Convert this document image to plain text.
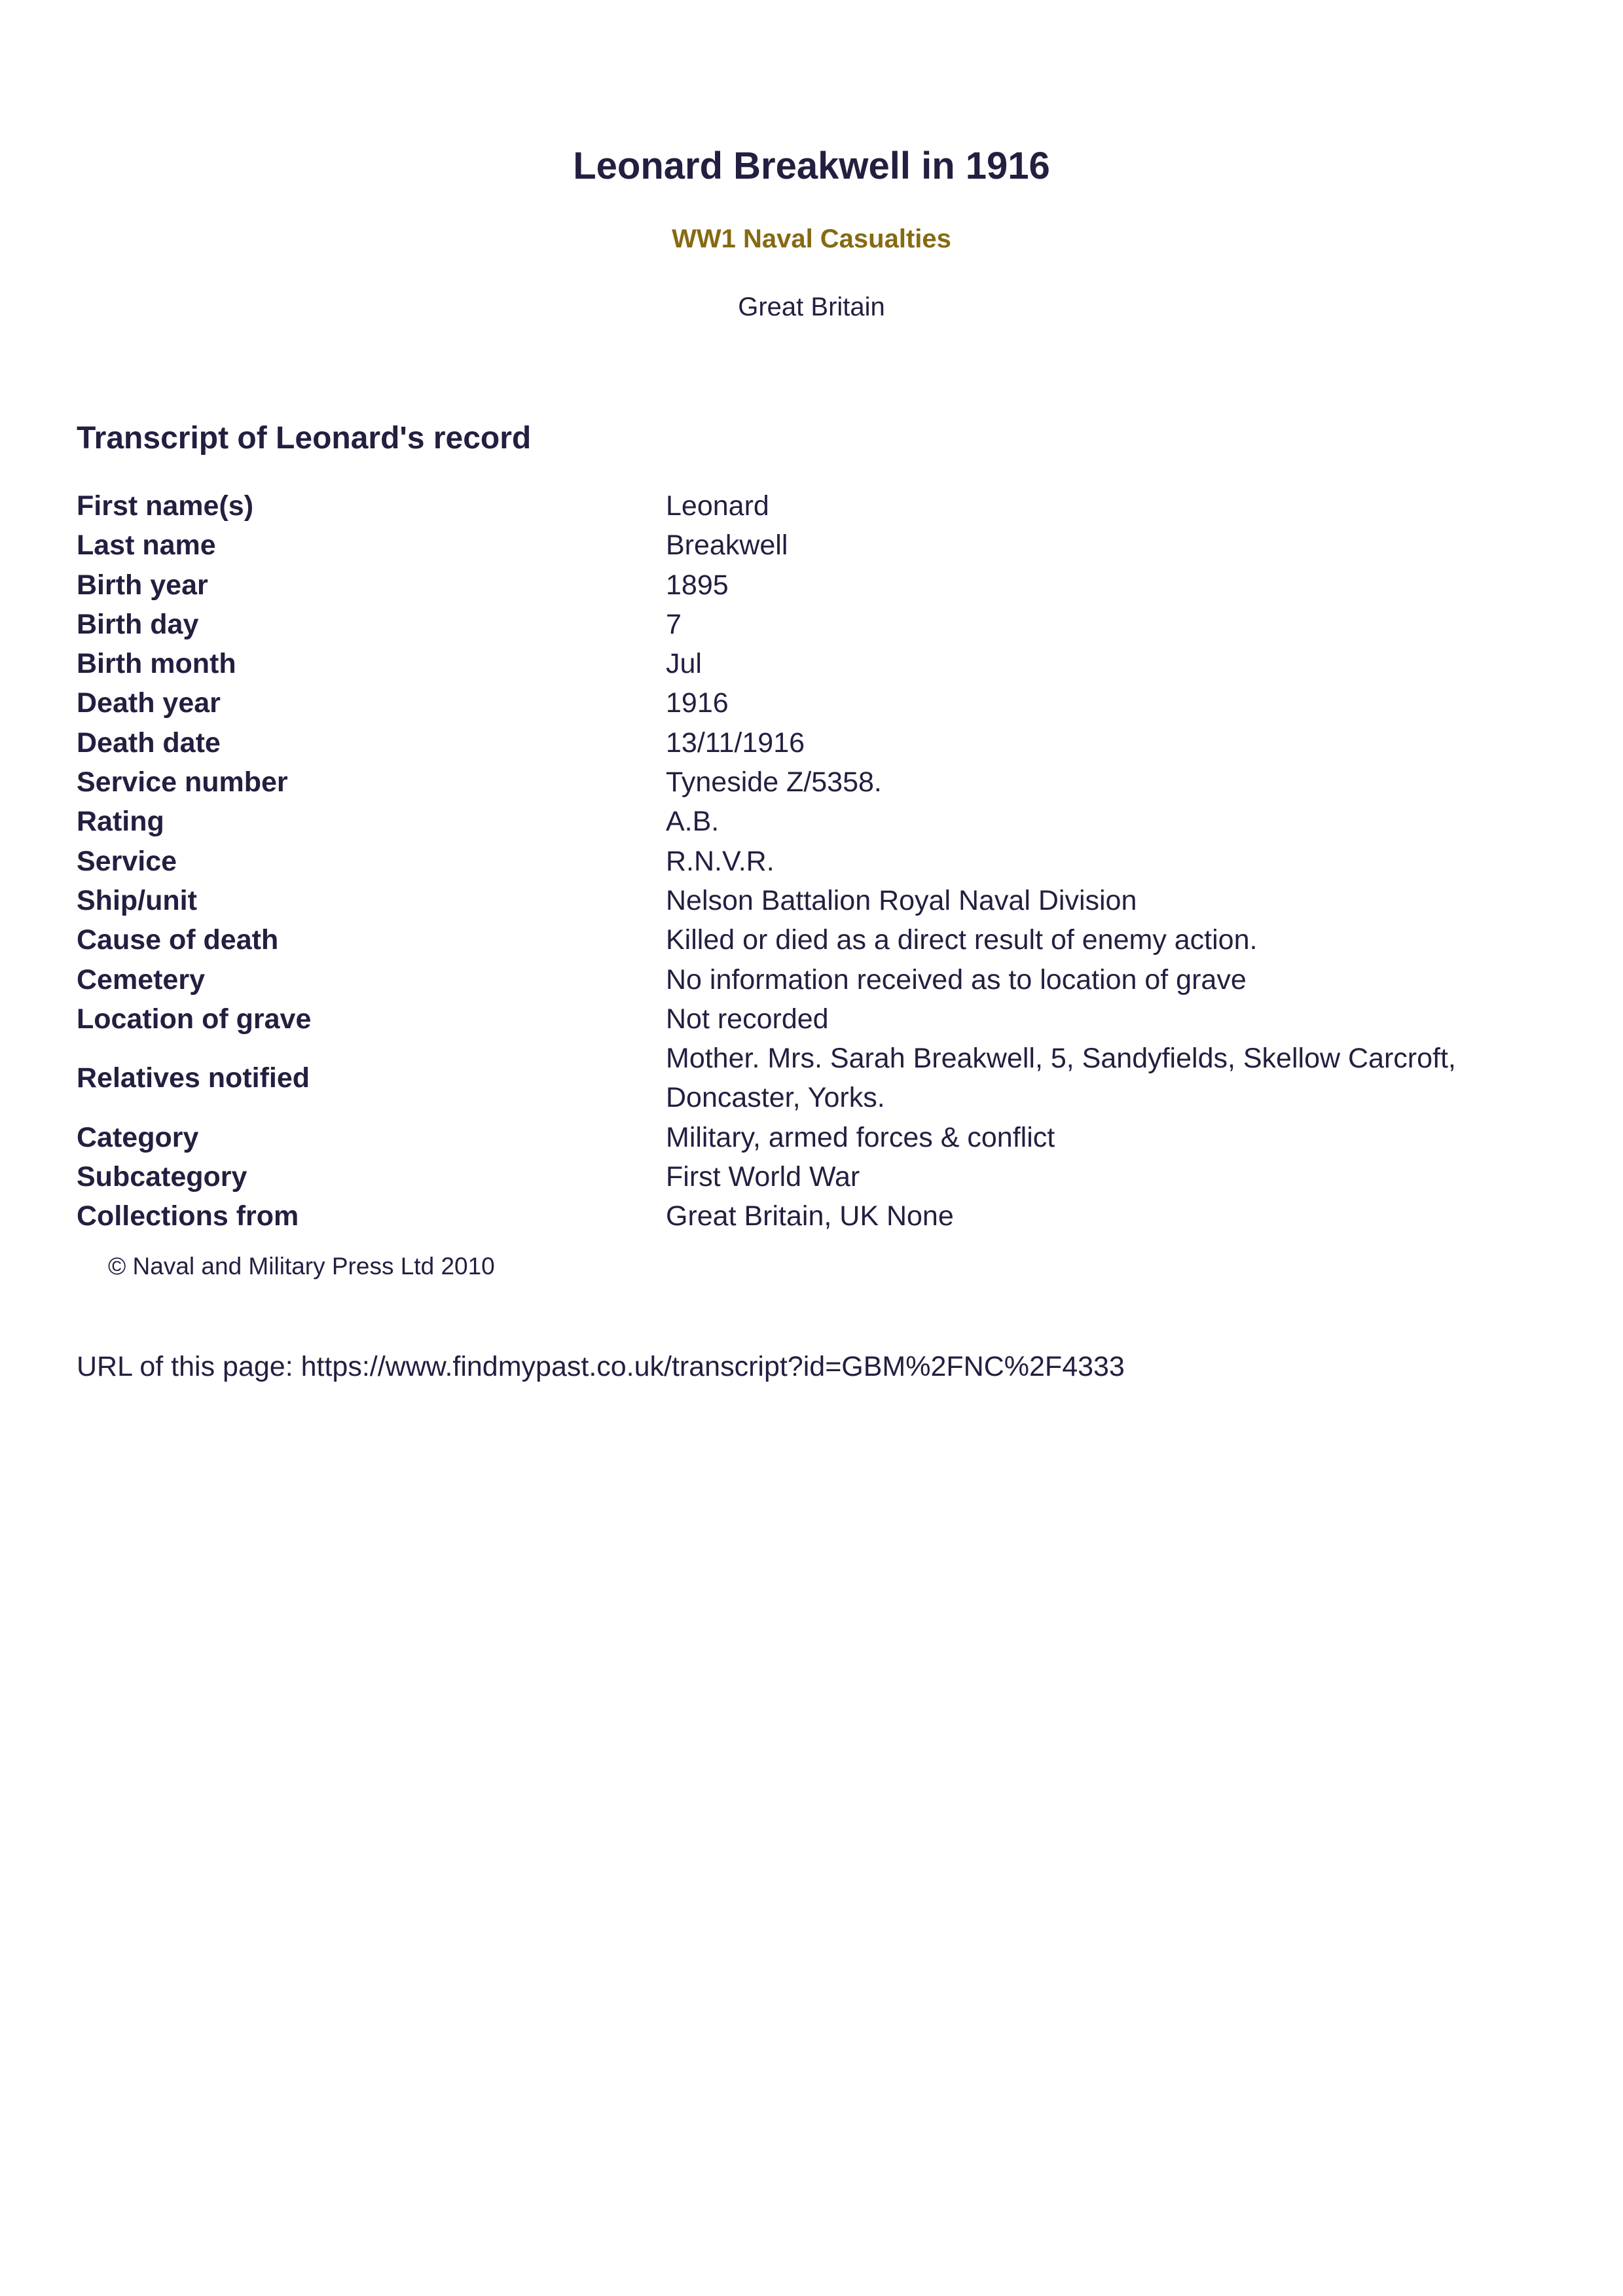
Leonard Breakwell in 1916
WW1 Naval Casualties
Great Britain
Transcript of Leonard's record
First name(s)	Leonard
Last name	Breakwell
Birth year	1895
Birth day	7
Birth month	Jul
Death year	1916
Death date	13/11/1916
Service number	Tyneside Z/5358.
Rating	A.B.
Service	R.N.V.R.
Ship/unit	Nelson Battalion Royal Naval Division
Cause of death	Killed or died as a direct result of enemy action.
Cemetery	No information received as to location of grave
Location of grave	Not recorded
Relatives notified	Mother. Mrs. Sarah Breakwell, 5, Sandyfields, Skellow Carcroft,
Doncaster, Yorks.
Category	Military, armed forces & conflict
Subcategory	First World War
Collections from	Great Britain, UK None
© Naval and Military Press Ltd 2010
URL of this page: https://www.findmypast.co.uk/transcript?id=GBM%2FNC%2F4333
